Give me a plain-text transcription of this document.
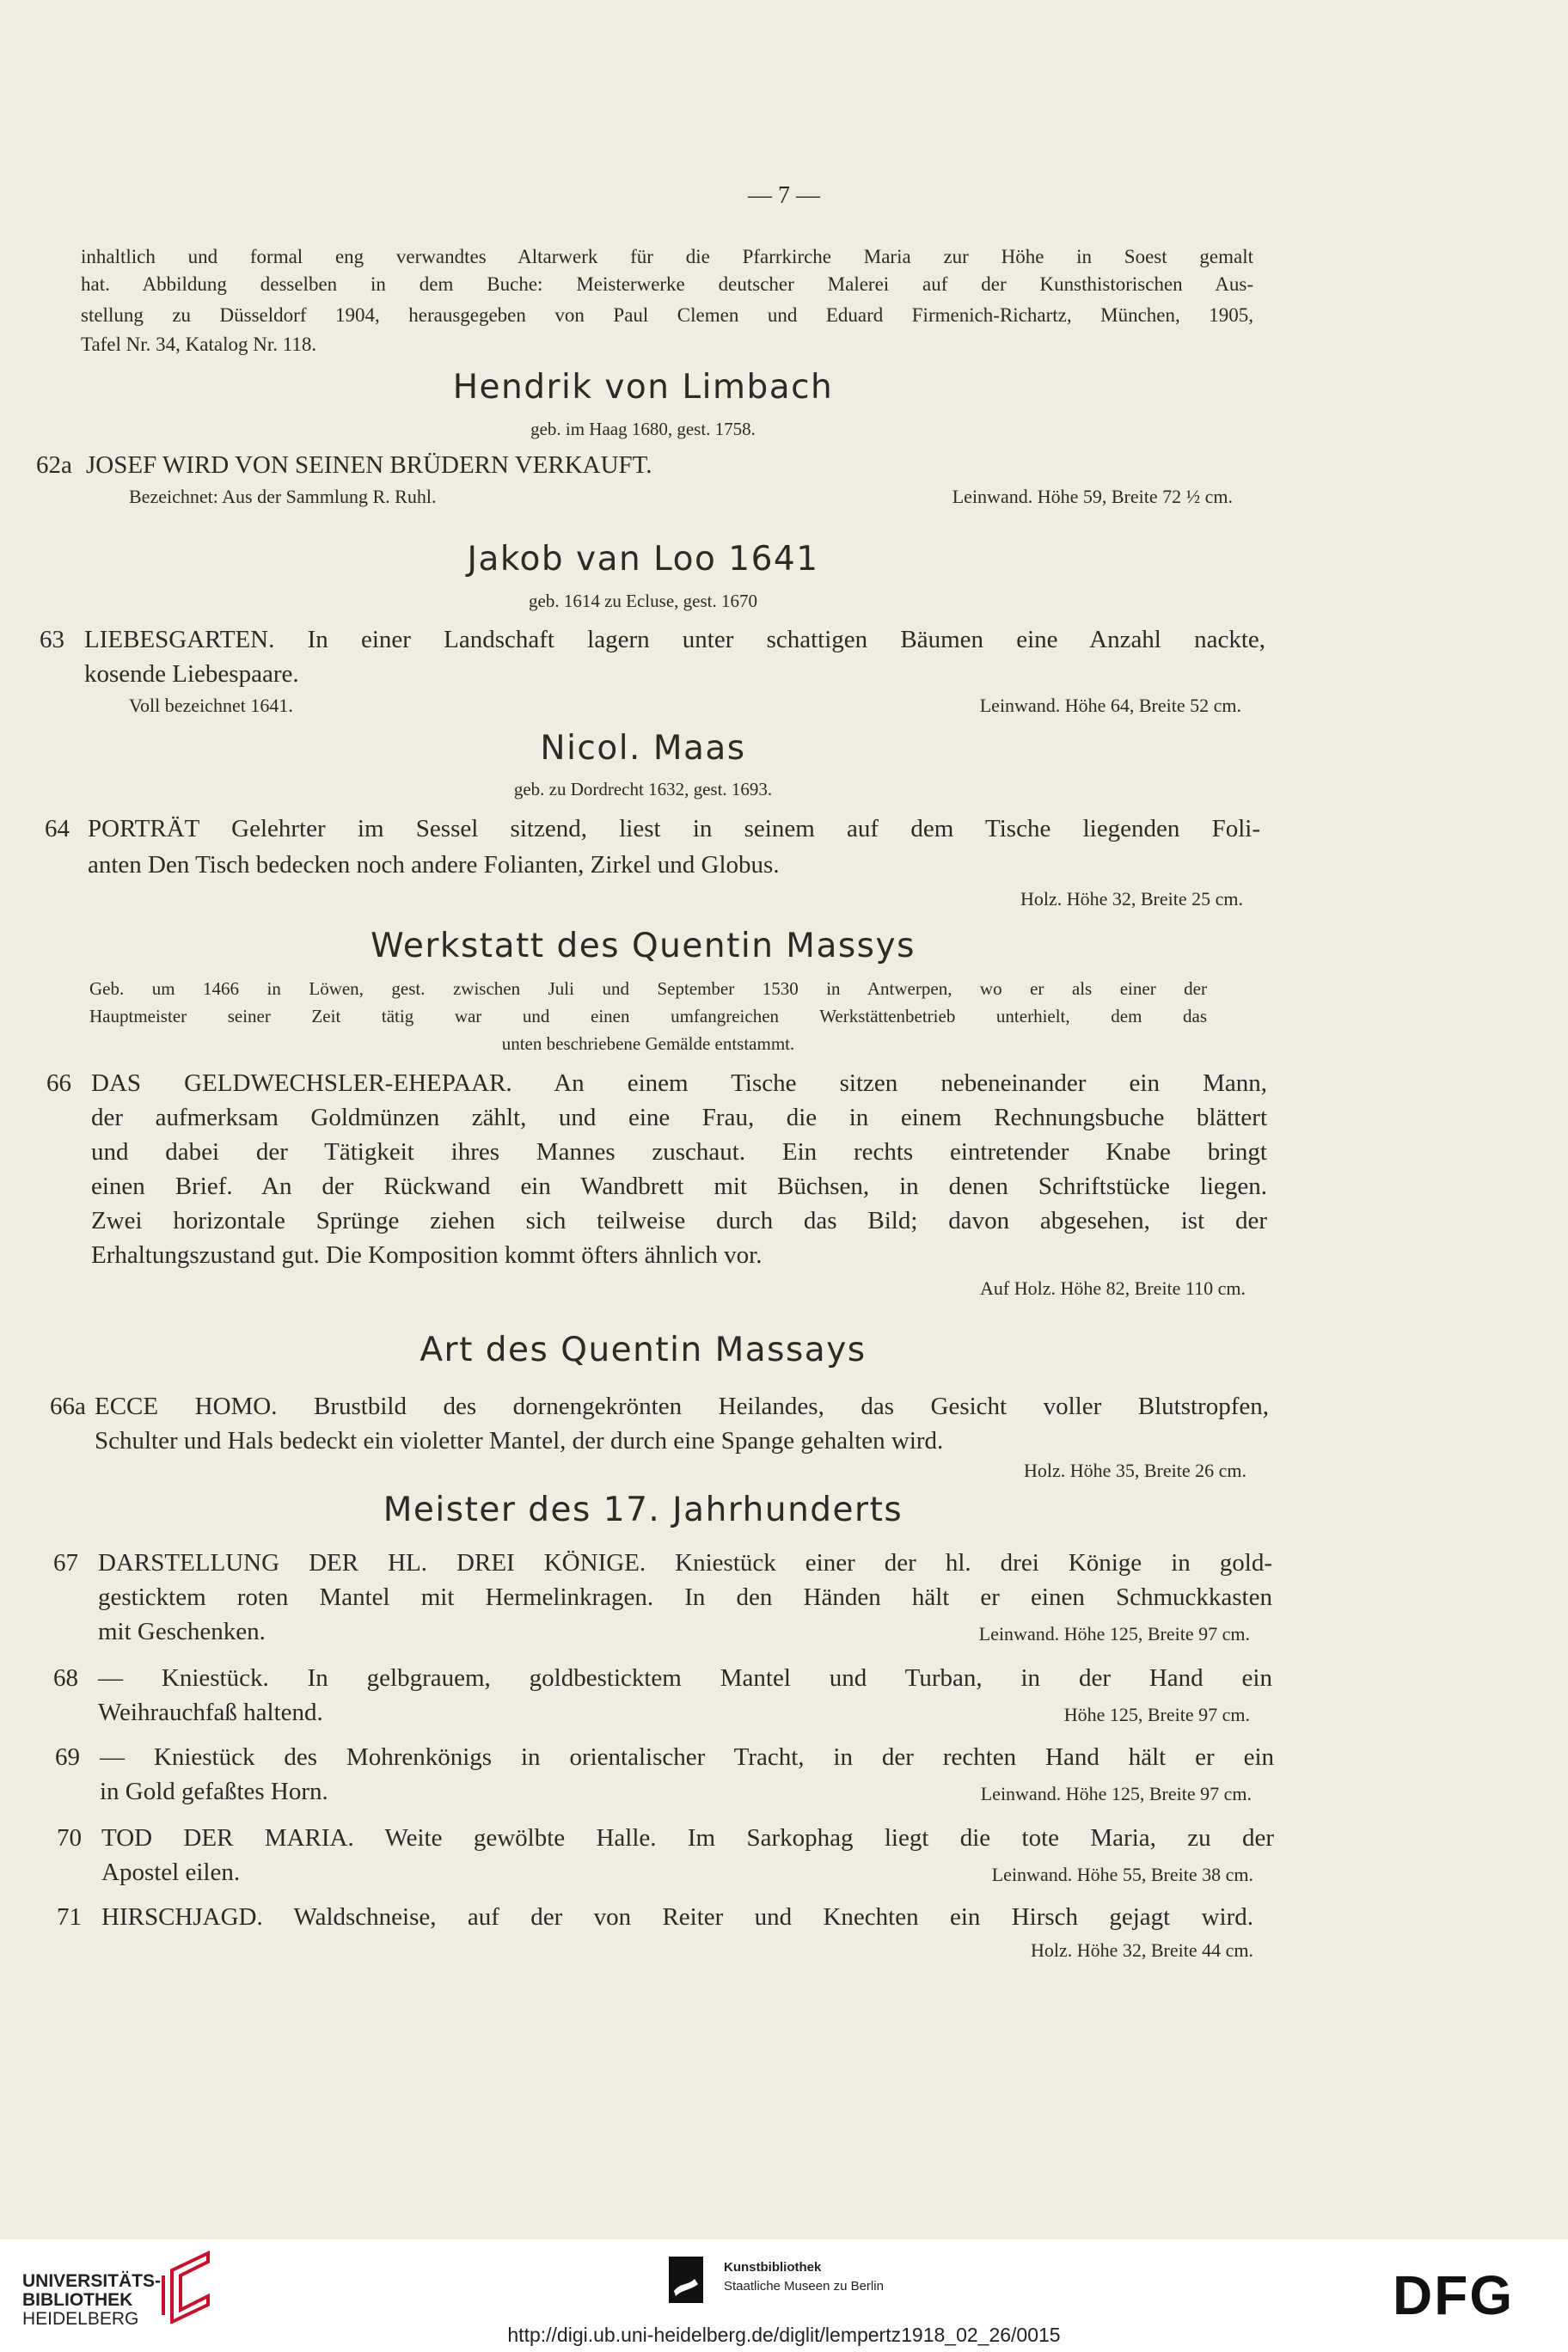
— 7 —
inhaltlich und formal eng verwandtes Altarwerk für die Pfarrkirche Maria zur Höhe in Soest gemalt
hat. Abbildung desselben in dem Buche: Meisterwerke deutscher Malerei auf der Kunsthistorischen Aus-
stellung zu Düsseldorf 1904, herausgegeben von Paul Clemen und Eduard Firmenich-Richartz, München, 1905,
Tafel Nr. 34, Katalog Nr. 118.
Hendrik von Limbach
geb. im Haag 1680, gest. 1758.
62a JOSEF WIRD VON SEINEN BRÜDERN VERKAUFT.
Bezeichnet: Aus der Sammlung R. Ruhl.	Leinwand. Höhe 59, Breite 72 ½ cm.
Jakob van Loo 1641
geb. 1614 zu Ecluse, gest. 1670
63 LIEBESGARTEN. In einer Landschaft lagern unter schattigen Bäumen eine Anzahl nackte,
kosende Liebespaare.
Voll bezeichnet 1641.	Leinwand. Höhe 64, Breite 52 cm.
Nicol. Maas
geb. zu Dordrecht 1632, gest. 1693.
64 PORTRÄT Gelehrter im Sessel sitzend, liest in seinem auf dem Tische liegenden Foli-
anten Den Tisch bedecken noch andere Folianten, Zirkel und Globus.
Holz. Höhe 32, Breite 25 cm.
Werkstatt des Quentin Massys
Geb. um 1466 in Löwen, gest. zwischen Juli und September 1530 in Antwerpen, wo er als einer der
Hauptmeister seiner Zeit tätig war und einen umfangreichen Werkstättenbetrieb unterhielt, dem das
unten beschriebene Gemälde entstammt.
66 DAS GELDWECHSLER-EHEPAAR. An einem Tische sitzen nebeneinander ein Mann,
der aufmerksam Goldmünzen zählt, und eine Frau, die in einem Rechnungsbuche blättert
und dabei der Tätigkeit ihres Mannes zuschaut. Ein rechts eintretender Knabe bringt
einen Brief. An der Rückwand ein Wandbrett mit Büchsen, in denen Schriftstücke liegen.
Zwei horizontale Sprünge ziehen sich teilweise durch das Bild; davon abgesehen, ist der
Erhaltungszustand gut. Die Komposition kommt öfters ähnlich vor.
Auf Holz. Höhe 82, Breite 110 cm.
Art des Quentin Massays
66a ECCE HOMO. Brustbild des dornengekrönten Heilandes, das Gesicht voller Blutstropfen,
Schulter und Hals bedeckt ein violetter Mantel, der durch eine Spange gehalten wird.
Holz. Höhe 35, Breite 26 cm.
Meister des 17. Jahrhunderts
67 DARSTELLUNG DER HL. DREI KÖNIGE. Kniestück einer der hl. drei Könige in gold-
gesticktem roten Mantel mit Hermelinkragen. In den Händen hält er einen Schmuckkasten
mit Geschenken.	Leinwand. Höhe 125, Breite 97 cm.
68 — Kniestück. In gelbgrauem, goldbesticktem Mantel und Turban, in der Hand ein
Weihrauchfaß haltend.	Höhe 125, Breite 97 cm.
69 — Kniestück des Mohrenkönigs in orientalischer Tracht, in der rechten Hand hält er ein
in Gold gefaßtes Horn.	Leinwand. Höhe 125, Breite 97 cm.
70 TOD DER MARIA. Weite gewölbte Halle. Im Sarkophag liegt die tote Maria, zu der
Apostel eilen.	Leinwand. Höhe 55, Breite 38 cm.
71 HIRSCHJAGD. Waldschneise, auf der von Reiter und Knechten ein Hirsch gejagt wird.
Holz. Höhe 32, Breite 44 cm.
UNIVERSITÄTS-
BIBLIOTHEK
HEIDELBERG
Kunstbibliothek
Staatliche Museen zu Berlin	DFG
http://digi.ub.uni-heidelberg.de/diglit/lempertz1918_02_26/0015
